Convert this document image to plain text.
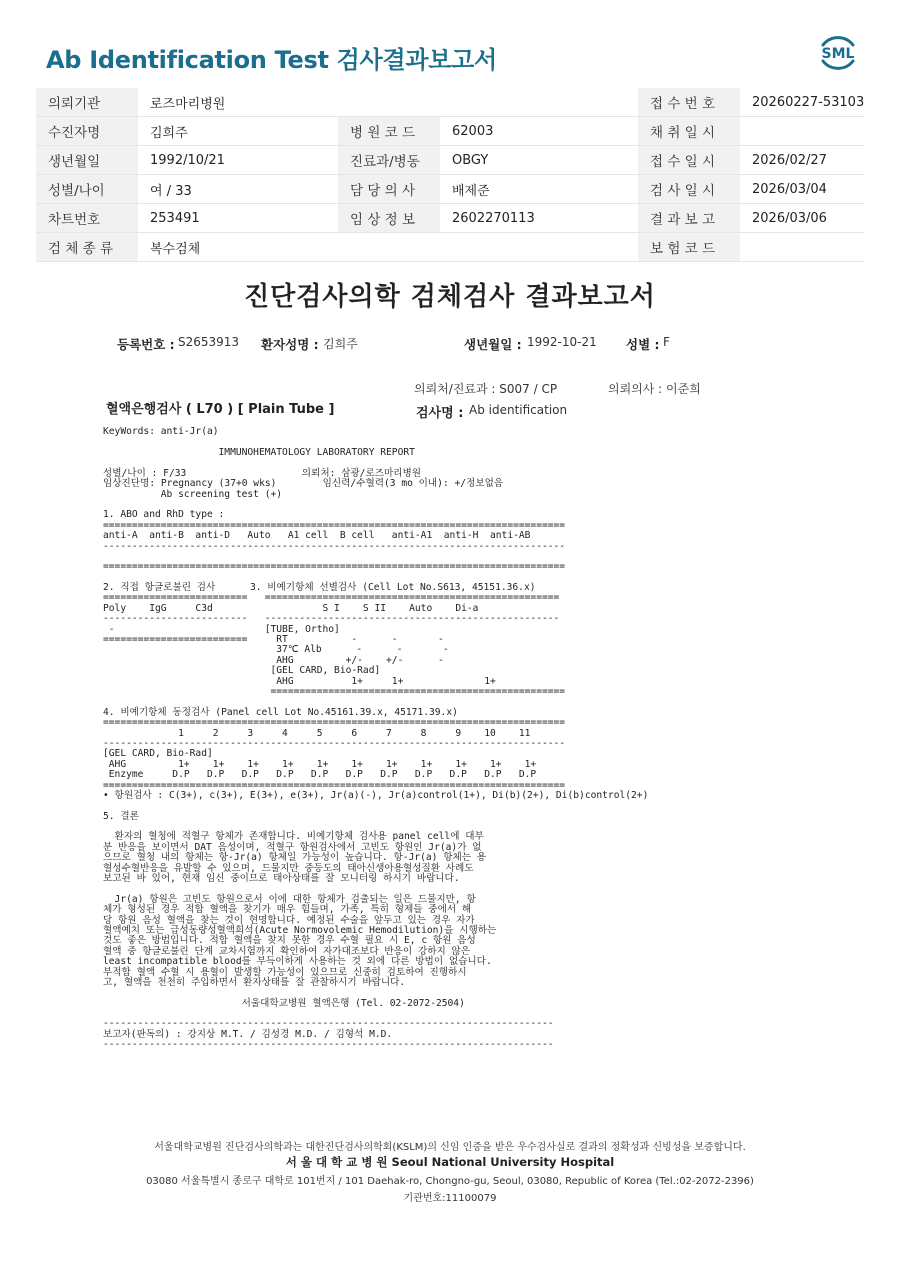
Ab Identification Test 검사결과보고서	SML
의뢰기관	로즈마리병원			접 수 번 호	20260227-53103
수진자명	김희주	병 원 코 드	62003	채 취 일 시	
생년월일	1992/10/21	진료과/병동	OBGY	접 수 일 시	2026/02/27
성별/나이	여 / 33	담 당 의 사	배제준	검 사 일 시	2026/03/04
차트번호	253491	임 상 정 보	2602270113	결 과 보 고	2026/03/06
검 체 종 류	복수검체			보 험 코 드	
진단검사의학 검체검사 결과보고서
등록번호 : S2653913 환자성명 : 김희주	생년월일 : 1992-10-21 성별 : F
의뢰처/진료과 : S007 / CP	의뢰의사 : 이준희
혈액은행검사 ( L70 ) [ Plain Tube ]	검사명 : Ab identification
KeyWords: anti-Jr(a)
IMMUNOHEMATOLOGY LABORATORY REPORT
성별/나이 : F/33                    의뢰처: 삼광/로즈마리병원
임상진단명: Pregnancy (37+0 wks)        임신력/수혈력(3 mo 이내): +/정보없음
Ab screening test (+)
1. ABO and RhD type :
================================================================================
anti-A  anti-B  anti-D   Auto   A1 cell  B cell   anti-A1  anti-H  anti-AB
--------------------------------------------------------------------------------
================================================================================
2. 직접 항글로불린 검사      3. 비예기항체 선별검사 (Cell Lot No.S613, 45151.36.x)
=========================   ===================================================
Poly    IgG     C3d                   S I    S II    Auto    Di-a
-------------------------   ---------------------------------------------------
-                          [TUBE, Ortho]
=========================     RT           -      -       -
37℃ Alb      -      -       -
AHG         +/-    +/-      -
[GEL CARD, Bio-Rad]
AHG          1+     1+              1+
===================================================
4. 비예기항체 동정검사 (Panel cell Lot No.45161.39.x, 45171.39.x)
================================================================================
1     2     3     4     5     6     7     8     9    10    11
--------------------------------------------------------------------------------
[GEL CARD, Bio-Rad]
AHG         1+    1+    1+    1+    1+    1+    1+    1+    1+    1+    1+
Enzyme     D.P   D.P   D.P   D.P   D.P   D.P   D.P   D.P   D.P   D.P   D.P
================================================================================
• 항원검사 : C(3+), c(3+), E(3+), e(3+), Jr(a)(-), Jr(a)control(1+), Di(b)(2+), Di(b)control(2+)
5. 결론
환자의 혈청에 적혈구 항체가 존재합니다. 비예기항체 검사용 panel cell에 대부
분 반응을 보이면서 DAT 음성이며, 적혈구 항원검사에서 고빈도 항원인 Jr(a)가 없
으므로 혈청 내의 항체는 항-Jr(a) 항체일 가능성이 높습니다. 항-Jr(a) 항체는 용
혈성수혈반응을 유발할 수 있으며, 드물지만 중등도의 태아신생아용혈성질환 사례도
보고된 바 있어, 현재 임신 중이므로 태아상태를 잘 모니터링 하시기 바랍니다.
Jr(a) 항원은 고빈도 항원으로서 이에 대한 항체가 검출되는 일은 드물지만, 항
체가 형성된 경우 적합 혈액을 찾기가 매우 힘들며, 가족, 특히 형제들 중에서 해
당 항원 음성 혈액을 찾는 것이 현명합니다. 예정된 수술을 앞두고 있는 경우 자가
혈액예치 또는 급성동량성혈액희석(Acute Normovolemic Hemodilution)을 시행하는
것도 좋은 방법입니다. 적합 혈액을 찾지 못한 경우 수혈 필요 시 E, c 항원 음성
혈액 중 항글로불린 단계 교차시험까지 확인하여 자가대조보다 반응이 강하지 않은
least incompatible blood를 부득이하게 사용하는 것 외에 다른 방법이 없습니다.
부적합 혈액 수혈 시 용혈이 발생할 가능성이 있으므로 신중히 검토하여 진행하시
고, 혈액을 천천히 주입하면서 환자상태를 잘 관찰하시기 바랍니다.
서울대학교병원 혈액은행 (Tel. 02-2072-2504)
------------------------------------------------------------------------------
보고자(판독의) : 강지상 M.T. / 김성경 M.D. / 김형석 M.D.
------------------------------------------------------------------------------
서울대학교병원 진단검사의학과는 대한진단검사의학회(KSLM)의 신임 인증을 받은 우수검사실로 결과의 정확성과 신빙성을 보증합니다.
서 울 대 학 교 병 원 Seoul National University Hospital
03080 서울특별시 종로구 대학로 101번지 / 101 Daehak-ro, Chongno-gu, Seoul, 03080, Republic of Korea (Tel.:02-2072-2396)
기관번호:11100079
